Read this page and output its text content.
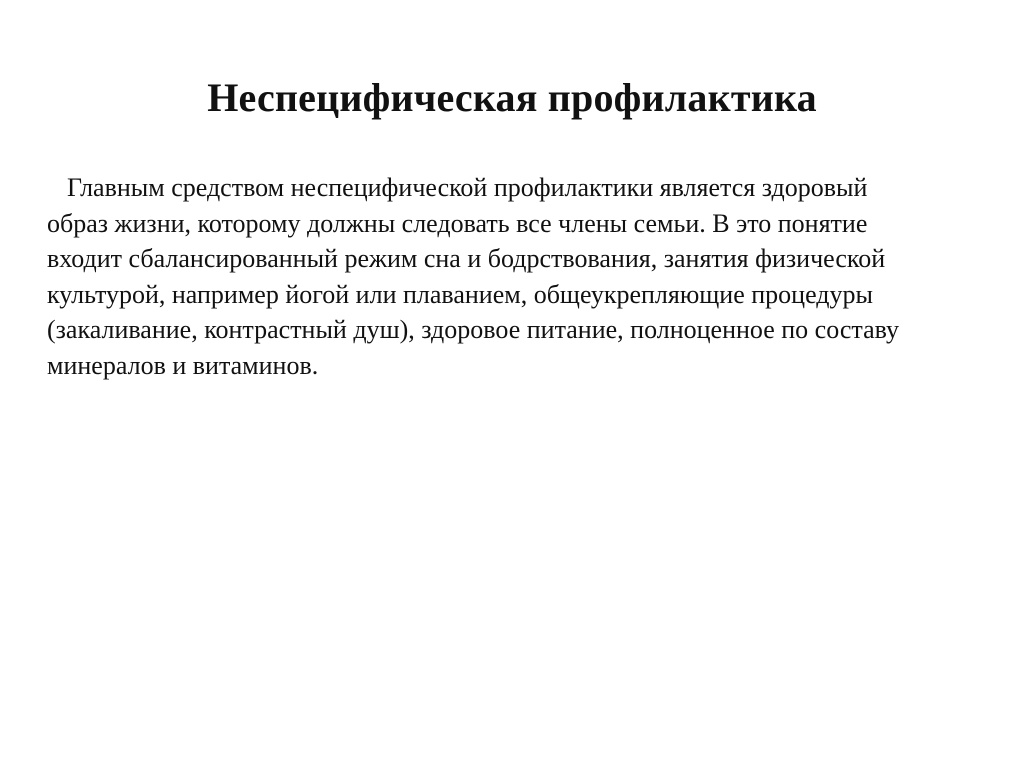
Неспецифическая профилактика

Главным средством неспецифической профилактики является здоровый
образ жизни, которому должны следовать все члены семьи. В это понятие
входит сбалансированный режим сна и бодрствования, занятия физической
культурой, например йогой или плаванием, общеукрепляющие процедуры
(закаливание, контрастный душ), здоровое питание, полноценное по составу
минералов и витаминов.
